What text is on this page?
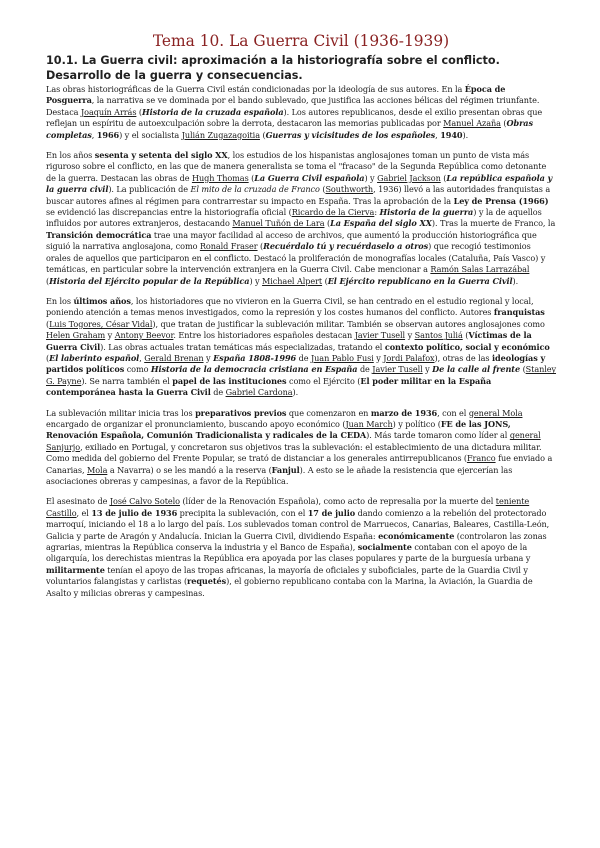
Tema 10. La Guerra Civil (1936-1939)
10.1. La Guerra civil: aproximación a la historiografía sobre el conflicto. Desarrollo de la guerra y consecuencias.

Las obras historiográficas de la Guerra Civil están condicionadas por la ideología de sus autores. En la Época de Posguerra, la narrativa se ve dominada por el bando sublevado, que justifica las acciones bélicas del régimen triunfante. Destaca Joaquín Arrás (Historia de la cruzada española). Los autores republicanos, desde el exilio presentan obras que reflejan un espíritu de autoexculpación sobre la derrota, destacaron las memorias publicadas por Manuel Azaña (Obras completas, 1966) y el socialista Julián Zugazagoitia (Guerras y vicisitudes de los españoles, 1940).

En los años sesenta y setenta del siglo XX, los estudios de los hispanistas anglosajones toman un punto de vista más riguroso sobre el conflicto, en las que de manera generalista se toma el "fracaso" de la Segunda República como detonante de la guerra. Destacan las obras de Hugh Thomas (La Guerra Civil española) y Gabriel Jackson (La república española y la guerra civil). La publicación de El mito de la cruzada de Franco (Southworth, 1936) llevó a las autoridades franquistas a buscar autores afines al régimen para contrarrestar su impacto en España. Tras la aprobación de la Ley de Prensa (1966) se evidenció las discrepancias entre la historiografía oficial (Ricardo de la Cierva: Historia de la guerra) y la de aquellos influidos por autores extranjeros, destacando Manuel Tuñón de Lara (La España del siglo XX). Tras la muerte de Franco, la Transición democrática trae una mayor facilidad al acceso de archivos, que aumentó la producción historiográfica que siguió la narrativa anglosajona, como Ronald Fraser (Recuérdalo tú y recuérdaselo a otros) que recogió testimonios orales de aquellos que participaron en el conflicto. Destacó la proliferación de monografías locales (Cataluña, País Vasco) y temáticas, en particular sobre la intervención extranjera en la Guerra Civil. Cabe mencionar a Ramón Salas Larrazábal (Historia del Ejército popular de la República) y Michael Alpert (El Ejército republicano en la Guerra Civil).

En los últimos años, los historiadores que no vivieron en la Guerra Civil, se han centrado en el estudio regional y local, poniendo atención a temas menos investigados, como la represión y los costes humanos del conflicto. Autores franquistas (Luis Togores, César Vidal), que tratan de justificar la sublevación militar. También se observan autores anglosajones como Helen Graham y Antony Beevor. Entre los historiadores españoles destacan Javier Tusell y Santos Juliá (Víctimas de la Guerra Civil). Las obras actuales tratan temáticas más especializadas, tratando el contexto político, social y económico (El laberinto español, Gerald Brenan y España 1808-1996 de Juan Pablo Fusi y Jordi Palafox), otras de las ideologías y partidos políticos como Historia de la democracia cristiana en España de Javier Tusell y De la calle al frente (Stanley G. Payne). Se narra también el papel de las instituciones como el Ejército (El poder militar en la España contemporánea hasta la Guerra Civil de Gabriel Cardona).

La sublevación militar inicia tras los preparativos previos que comenzaron en marzo de 1936, con el general Mola encargado de organizar el pronunciamiento, buscando apoyo económico (Juan March) y político (FE de las JONS, Renovación Española, Comunión Tradicionalista y radicales de la CEDA). Más tarde tomaron como líder al general Sanjurjo, exiliado en Portugal, y concretaron sus objetivos tras la sublevación: el establecimiento de una dictadura militar. Como medida del gobierno del Frente Popular, se trató de distanciar a los generales antirrepublicanos (Franco fue enviado a Canarias, Mola a Navarra) o se les mandó a la reserva (Fanjul). A esto se le añade la resistencia que ejercerían las asociaciones obreras y campesinas, a favor de la República.

El asesinato de José Calvo Sotelo (líder de la Renovación Española), como acto de represalia por la muerte del teniente Castillo, el 13 de julio de 1936 precipita la sublevación, con el 17 de julio dando comienzo a la rebelión del protectorado marroquí, iniciando el 18 a lo largo del país. Los sublevados toman control de Marruecos, Canarias, Baleares, Castilla-León, Galicia y parte de Aragón y Andalucía. Inician la Guerra Civil, dividiendo España: económicamente (controlaron las zonas agrarias, mientras la República conserva la industria y el Banco de España), socialmente contaban con el apoyo de la oligarquía, los derechistas mientras la República era apoyada por las clases populares y parte de la burguesía urbana y militarmente tenían el apoyo de las tropas africanas, la mayoría de oficiales y suboficiales, parte de la Guardia Civil y voluntarios falangistas y carlistas (requetés), el gobierno republicano contaba con la Marina, la Aviación, la Guardia de Asalto y milicias obreras y campesinas.
